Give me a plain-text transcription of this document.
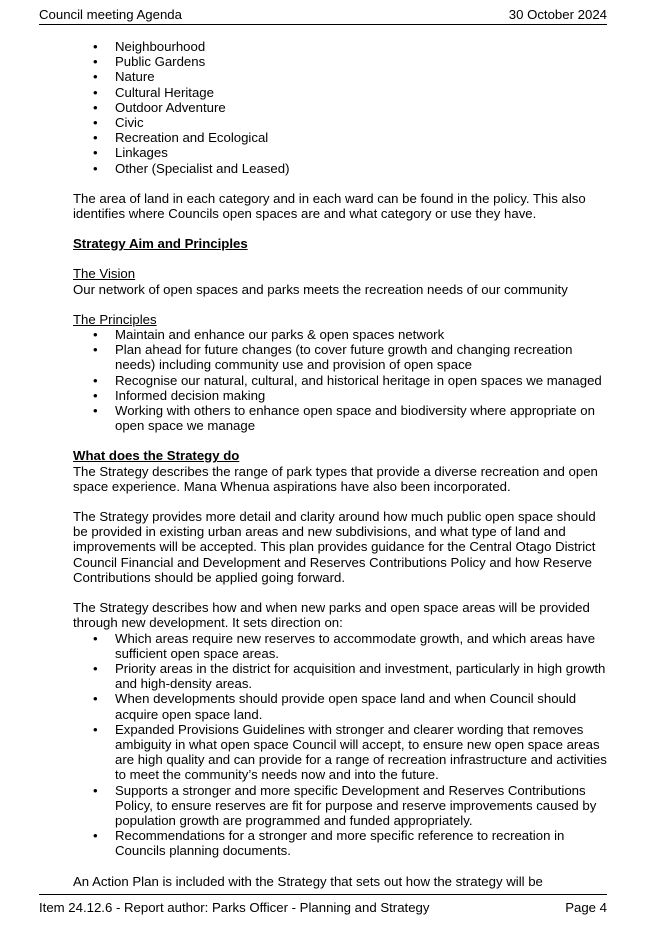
Council meeting Agenda	30 October 2024
• Neighbourhood
• Public Gardens
• Nature
• Cultural Heritage
• Outdoor Adventure
• Civic
• Recreation and Ecological
• Linkages
• Other (Specialist and Leased)

The area of land in each category and in each ward can be found in the policy. This also identifies where Councils open spaces are and what category or use they have.

Strategy Aim and Principles

The Vision

Our network of open spaces and parks meets the recreation needs of our community

The Principles

• Maintain and enhance our parks & open spaces network
• Plan ahead for future changes (to cover future growth and changing recreation needs) including community use and provision of open space
• Recognise our natural, cultural, and historical heritage in open spaces we managed
• Informed decision making
• Working with others to enhance open space and biodiversity where appropriate on open space we manage

What does the Strategy do

The Strategy describes the range of park types that provide a diverse recreation and open space experience. Mana Whenua aspirations have also been incorporated.

The Strategy provides more detail and clarity around how much public open space should be provided in existing urban areas and new subdivisions, and what type of land and improvements will be accepted. This plan provides guidance for the Central Otago District Council Financial and Development and Reserves Contributions Policy and how Reserve Contributions should be applied going forward.

The Strategy describes how and when new parks and open space areas will be provided through new development. It sets direction on:

• Which areas require new reserves to accommodate growth, and which areas have sufficient open space areas.
• Priority areas in the district for acquisition and investment, particularly in high growth and high-density areas.
• When developments should provide open space land and when Council should acquire open space land.
• Expanded Provisions Guidelines with stronger and clearer wording that removes ambiguity in what open space Council will accept, to ensure new open space areas are high quality and can provide for a range of recreation infrastructure and activities to meet the community’s needs now and into the future.
• Supports a stronger and more specific Development and Reserves Contributions Policy, to ensure reserves are fit for purpose and reserve improvements caused by population growth are programmed and funded appropriately.
• Recommendations for a stronger and more specific reference to recreation in Councils planning documents.

An Action Plan is included with the Strategy that sets out how the strategy will be

Item 24.12.6 - Report author: Parks Officer - Planning and Strategy	Page 4
